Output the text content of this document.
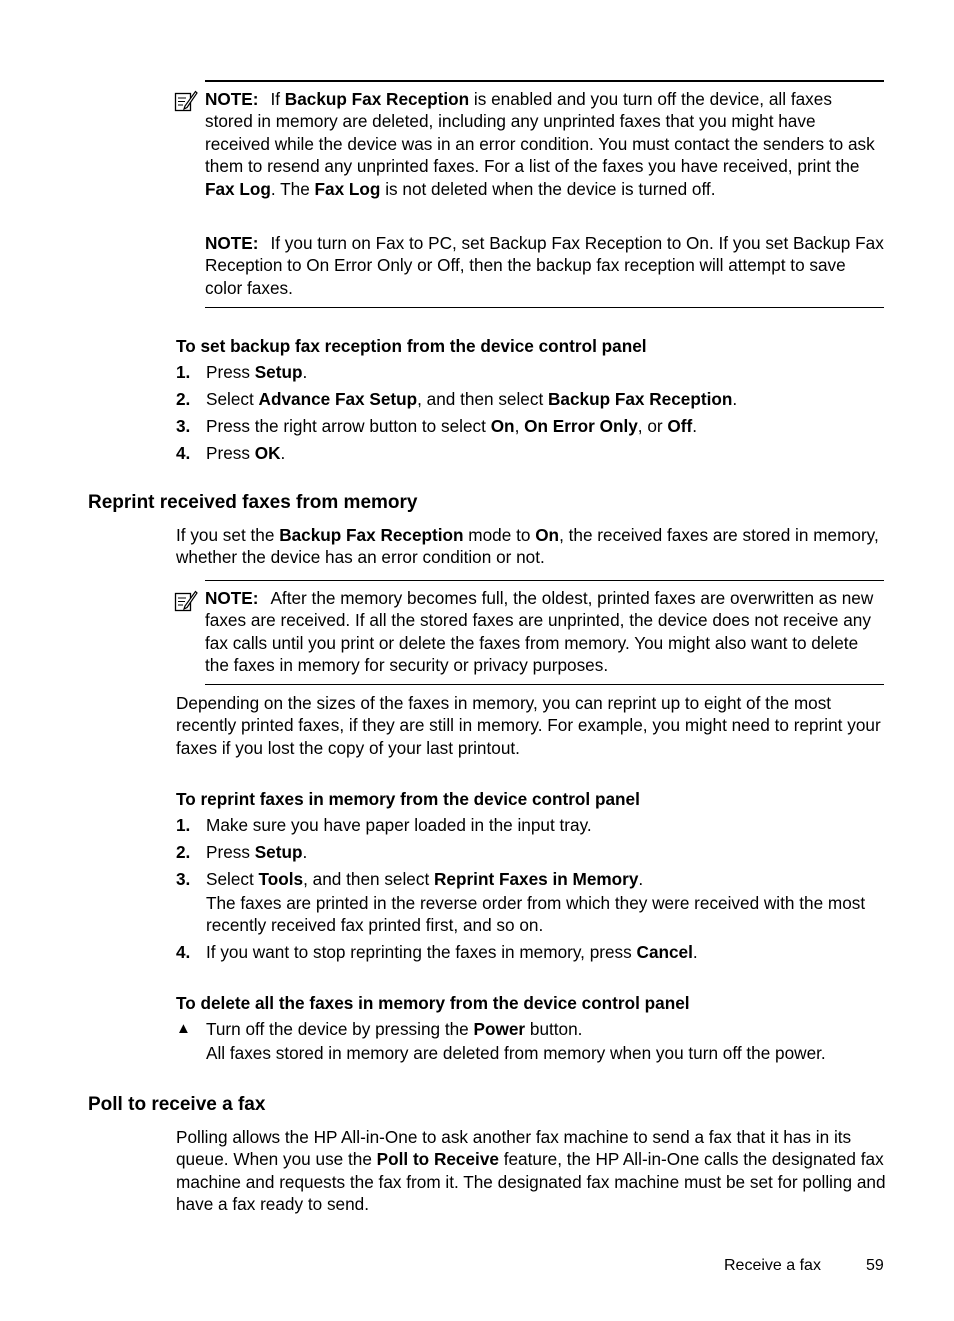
NOTE: If Backup Fax Reception is enabled and you turn off the device, all faxes stored in memory are deleted, including any unprinted faxes that you might have received while the device was in an error condition. You must contact the senders to ask them to resend any unprinted faxes. For a list of the faxes you have received, print the Fax Log. The Fax Log is not deleted when the device is turned off.
NOTE: If you turn on Fax to PC, set Backup Fax Reception to On. If you set Backup Fax Reception to On Error Only or Off, then the backup fax reception will attempt to save color faxes.
To set backup fax reception from the device control panel
1. Press Setup.
2. Select Advance Fax Setup, and then select Backup Fax Reception.
3. Press the right arrow button to select On, On Error Only, or Off.
4. Press OK.
Reprint received faxes from memory
If you set the Backup Fax Reception mode to On, the received faxes are stored in memory, whether the device has an error condition or not.
NOTE: After the memory becomes full, the oldest, printed faxes are overwritten as new faxes are received. If all the stored faxes are unprinted, the device does not receive any fax calls until you print or delete the faxes from memory. You might also want to delete the faxes in memory for security or privacy purposes.
Depending on the sizes of the faxes in memory, you can reprint up to eight of the most recently printed faxes, if they are still in memory. For example, you might need to reprint your faxes if you lost the copy of your last printout.
To reprint faxes in memory from the device control panel
1. Make sure you have paper loaded in the input tray.
2. Press Setup.
3. Select Tools, and then select Reprint Faxes in Memory.
The faxes are printed in the reverse order from which they were received with the most recently received fax printed first, and so on.
4. If you want to stop reprinting the faxes in memory, press Cancel.
To delete all the faxes in memory from the device control panel
▲ Turn off the device by pressing the Power button.
All faxes stored in memory are deleted from memory when you turn off the power.
Poll to receive a fax
Polling allows the HP All-in-One to ask another fax machine to send a fax that it has in its queue. When you use the Poll to Receive feature, the HP All-in-One calls the designated fax machine and requests the fax from it. The designated fax machine must be set for polling and have a fax ready to send.
Receive a fax	59
